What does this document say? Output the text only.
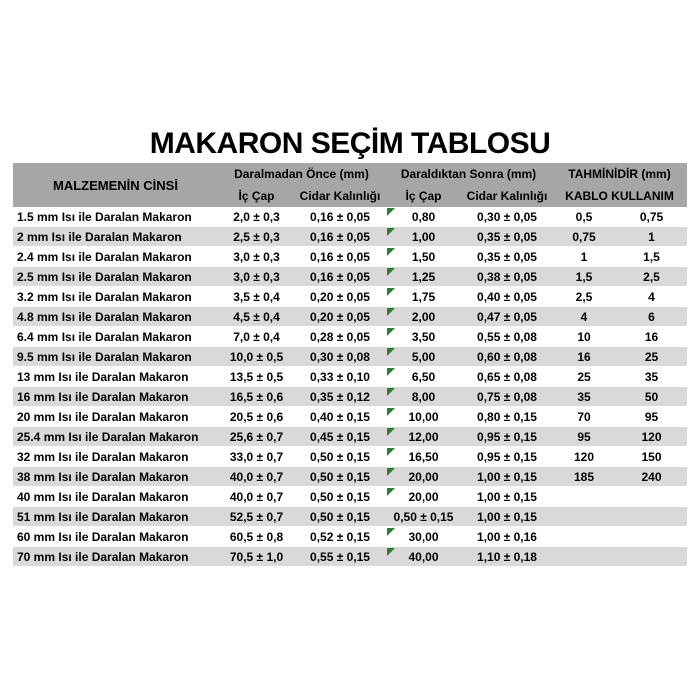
MAKARON SEÇİM TABLOSU
MALZEMENİN CİNSİ
Daralmadan Önce (mm)	Daraldıktan Sonra (mm)	TAHMİNİDİR (mm)
İç Çap	Cidar Kalınlığı	İç Çap	Cidar Kalınlığı	KABLO KULLANIM
1.5 mm Isı ile Daralan Makaron	2,0 ± 0,3	0,16 ± 0,05	0,80	0,30 ± 0,05	0,5	0,75
2 mm Isı ile Daralan Makaron	2,5 ± 0,3	0,16 ± 0,05	1,00	0,35 ± 0,05	0,75	1
2.4 mm Isı ile Daralan Makaron	3,0 ± 0,3	0,16 ± 0,05	1,50	0,35 ± 0,05	1	1,5
2.5 mm Isı ile Daralan Makaron	3,0 ± 0,3	0,16 ± 0,05	1,25	0,38 ± 0,05	1,5	2,5
3.2 mm Isı ile Daralan Makaron	3,5 ± 0,4	0,20 ± 0,05	1,75	0,40 ± 0,05	2,5	4
4.8 mm Isı ile Daralan Makaron	4,5 ± 0,4	0,20 ± 0,05	2,00	0,47 ± 0,05	4	6
6.4 mm Isı ile Daralan Makaron	7,0 ± 0,4	0,28 ± 0,05	3,50	0,55 ± 0,08	10	16
9.5 mm Isı ile Daralan Makaron	10,0 ± 0,5	0,30 ± 0,08	5,00	0,60 ± 0,08	16	25
13 mm Isı ile Daralan Makaron	13,5 ± 0,5	0,33 ± 0,10	6,50	0,65 ± 0,08	25	35
16 mm Isı ile Daralan Makaron	16,5 ± 0,6	0,35 ± 0,12	8,00	0,75 ± 0,08	35	50
20 mm Isı ile Daralan Makaron	20,5 ± 0,6	0,40 ± 0,15	10,00	0,80 ± 0,15	70	95
25.4 mm Isı ile Daralan Makaron	25,6 ± 0,7	0,45 ± 0,15	12,00	0,95 ± 0,15	95	120
32 mm Isı ile Daralan Makaron	33,0 ± 0,7	0,50 ± 0,15	16,50	0,95 ± 0,15	120	150
38 mm Isı ile Daralan Makaron	40,0 ± 0,7	0,50 ± 0,15	20,00	1,00 ± 0,15	185	240
40 mm Isı ile Daralan Makaron	40,0 ± 0,7	0,50 ± 0,15	20,00	1,00 ± 0,15
51 mm Isı ile Daralan Makaron	52,5 ± 0,7	0,50 ± 0,15	0,50 ± 0,15	1,00 ± 0,15
60 mm Isı ile Daralan Makaron	60,5 ± 0,8	0,52 ± 0,15	30,00	1,00 ± 0,16
70 mm Isı ile Daralan Makaron	70,5 ± 1,0	0,55 ± 0,15	40,00	1,10 ± 0,18
